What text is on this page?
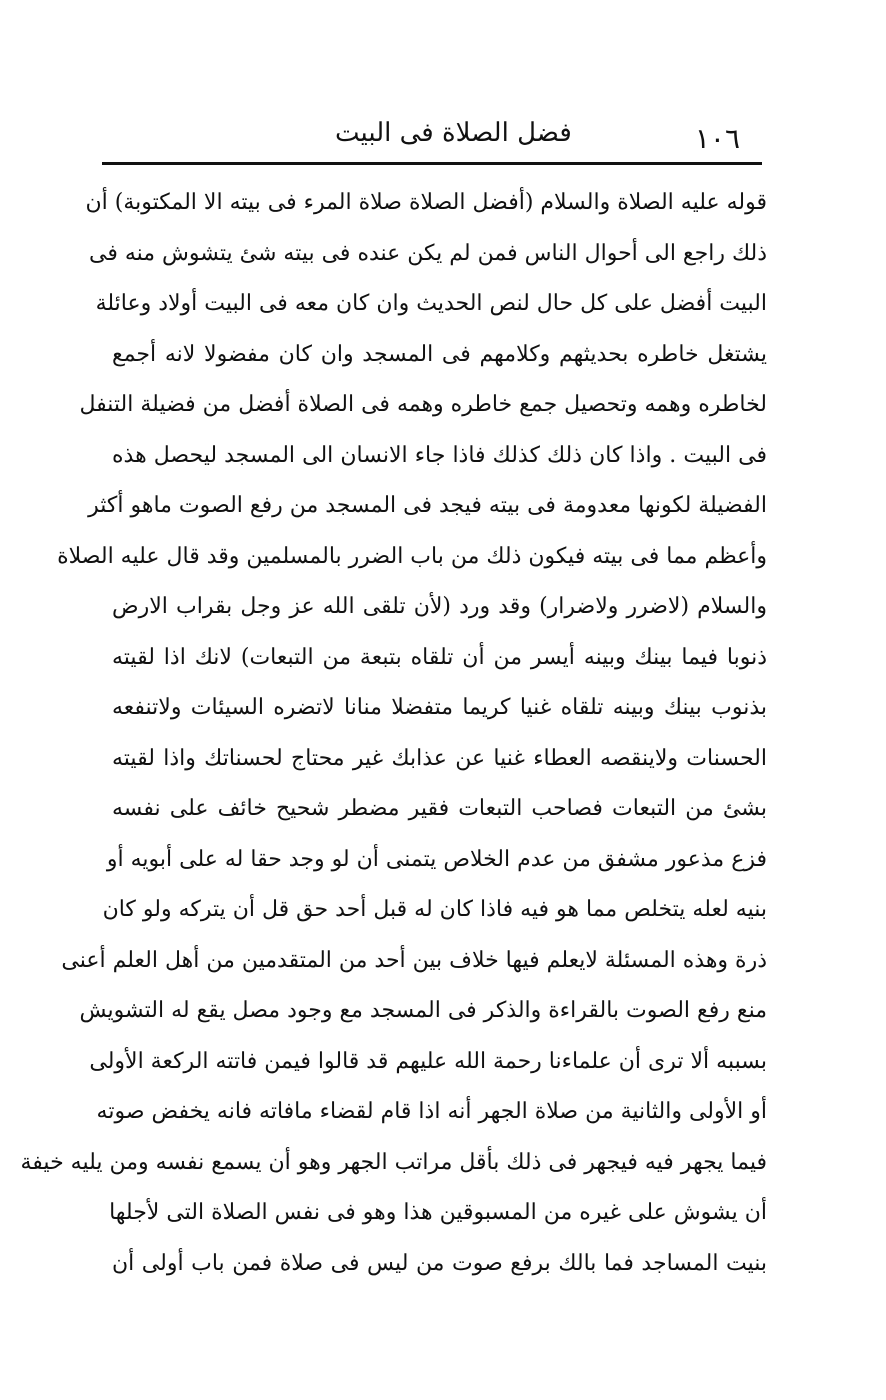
١٠٦
فضل الصلاة فى البيت
قوله عليه الصلاة والسلام (أفضل الصلاة صلاة المرء فى بيته الا المكتوبة) أن
ذلك راجع الى أحوال الناس فمن لم يكن عنده فى بيته شئ يتشوش منه فى
البيت أفضل على كل حال لنص الحديث وان كان معه فى البيت أولاد وعائلة
يشتغل خاطره بحديثهم وكلامهم فى المسجد وان كان مفضولا لانه أجمع
لخاطره وهمه وتحصيل جمع خاطره وهمه فى الصلاة أفضل من فضيلة التنفل
فى البيت . واذا كان ذلك كذلك فاذا جاء الانسان الى المسجد ليحصل هذه
الفضيلة لكونها معدومة فى بيته فيجد فى المسجد من رفع الصوت ماهو أكثر
وأعظم مما فى بيته فيكون ذلك من باب الضرر بالمسلمين وقد قال عليه الصلاة
والسلام (لاضرر ولاضرار) وقد ورد (لأن تلقى الله عز وجل بقراب الارض
ذنوبا فيما بينك وبينه أيسر من أن تلقاه بتبعة من التبعات) لانك اذا لقيته
بذنوب بينك وبينه تلقاه غنيا كريما متفضلا منانا لاتضره السيئات ولاتنفعه
الحسنات ولاينقصه العطاء غنيا عن عذابك غير محتاج لحسناتك واذا لقيته
بشئ من التبعات فصاحب التبعات فقير مضطر شحيح خائف على نفسه
فزع مذعور مشفق من عدم الخلاص يتمنى أن لو وجد حقا له على أبويه أو
بنيه لعله يتخلص مما هو فيه فاذا كان له قبل أحد حق قل أن يتركه ولو كان
ذرة وهذه المسئلة لايعلم فيها خلاف بين أحد من المتقدمين من أهل العلم أعنى
منع رفع الصوت بالقراءة والذكر فى المسجد مع وجود مصل يقع له التشويش
بسببه ألا ترى أن علماءنا رحمة الله عليهم قد قالوا فيمن فاتته الركعة الأولى
أو الأولى والثانية من صلاة الجهر أنه اذا قام لقضاء مافاته فانه يخفض صوته
فيما يجهر فيه فيجهر فى ذلك بأقل مراتب الجهر وهو أن يسمع نفسه ومن يليه خيفة
أن يشوش على غيره من المسبوقين هذا وهو فى نفس الصلاة التى لأجلها
بنيت المساجد فما بالك برفع صوت من ليس فى صلاة فمن باب أولى أن
